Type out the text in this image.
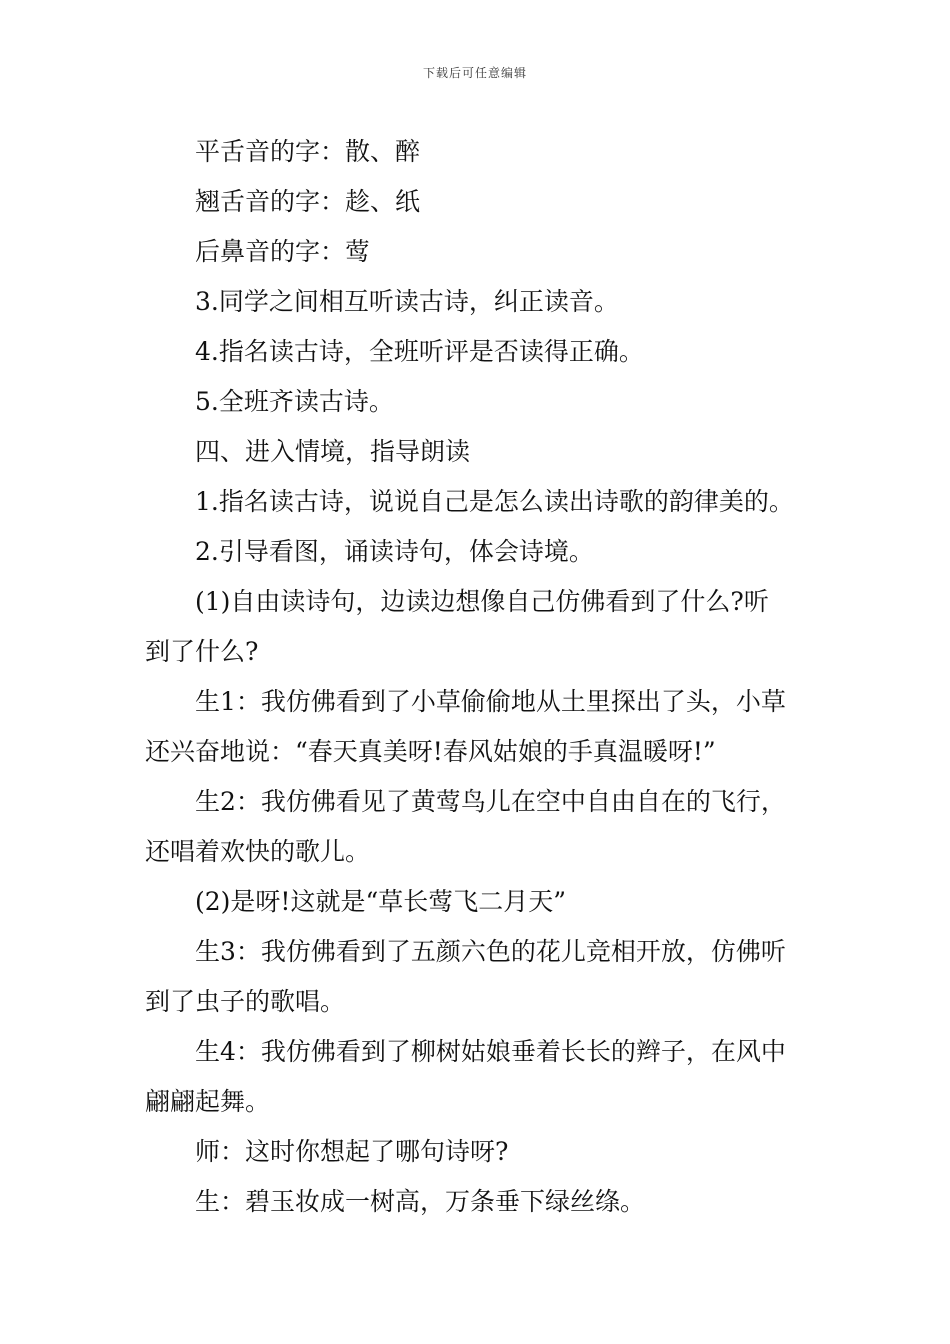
下载后可任意编辑

平舌音的字：散、醉

翘舌音的字：趁、纸

后鼻音的字：莺

3.同学之间相互听读古诗，纠正读音。

4.指名读古诗，全班听评是否读得正确。

5.全班齐读古诗。

四、进入情境，指导朗读

1.指名读古诗，说说自己是怎么读出诗歌的韵律美的。

2.引导看图，诵读诗句，体会诗境。

(1)自由读诗句，边读边想像自己仿佛看到了什么?听

到了什么?

生1：我仿佛看到了小草偷偷地从土里探出了头，小草

还兴奋地说：“春天真美呀!春风姑娘的手真温暖呀!”

生2：我仿佛看见了黄莺鸟儿在空中自由自在的飞行，

还唱着欢快的歌儿。

(2)是呀!这就是“草长莺飞二月天”

生3：我仿佛看到了五颜六色的花儿竞相开放，仿佛听

到了虫子的歌唱。

生4：我仿佛看到了柳树姑娘垂着长长的辫子，在风中

翩翩起舞。

师：这时你想起了哪句诗呀?

生：碧玉妆成一树高，万条垂下绿丝绦。
